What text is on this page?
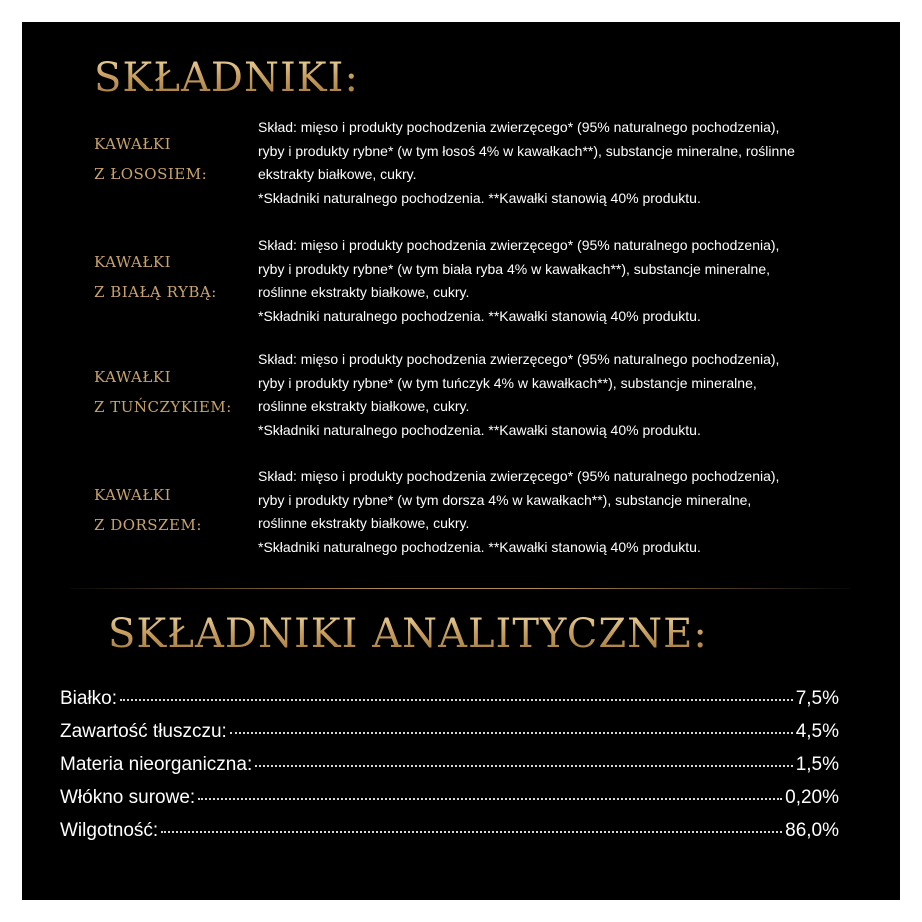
SKŁADNIKI:
KAWAŁKI
Z ŁOSOSIEM:
Skład: mięso i produkty pochodzenia zwierzęcego* (95% naturalnego pochodzenia),
ryby i produkty rybne* (w tym łosoś 4% w kawałkach**), substancje mineralne, roślinne
ekstrakty białkowe, cukry.
*Składniki naturalnego pochodzenia. **Kawałki stanowią 40% produktu.
KAWAŁKI
Z BIAŁĄ RYBĄ:
Skład: mięso i produkty pochodzenia zwierzęcego* (95% naturalnego pochodzenia),
ryby i produkty rybne* (w tym biała ryba 4% w kawałkach**), substancje mineralne,
roślinne ekstrakty białkowe, cukry.
*Składniki naturalnego pochodzenia. **Kawałki stanowią 40% produktu.
KAWAŁKI
Z TUŃCZYKIEM:
Skład: mięso i produkty pochodzenia zwierzęcego* (95% naturalnego pochodzenia),
ryby i produkty rybne* (w tym tuńczyk 4% w kawałkach**), substancje mineralne,
roślinne ekstrakty białkowe, cukry.
*Składniki naturalnego pochodzenia. **Kawałki stanowią 40% produktu.
KAWAŁKI
Z DORSZEM:
Skład: mięso i produkty pochodzenia zwierzęcego* (95% naturalnego pochodzenia),
ryby i produkty rybne* (w tym dorsza 4% w kawałkach**), substancje mineralne,
roślinne ekstrakty białkowe, cukry.
*Składniki naturalnego pochodzenia. **Kawałki stanowią 40% produktu.
SKŁADNIKI ANALITYCZNE:
Białko:	7,5%
Zawartość tłuszczu:	4,5%
Materia nieorganiczna:	1,5%
Włókno surowe:	0,20%
Wilgotność:	86,0%
